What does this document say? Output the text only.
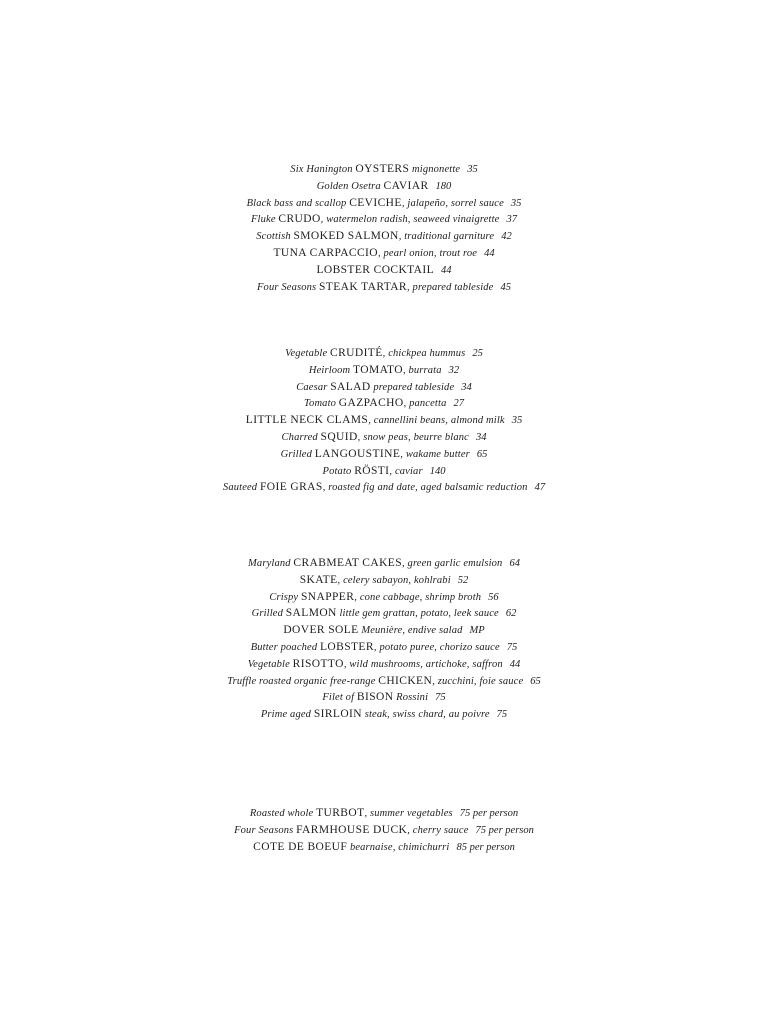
Six Hanington OYSTERS mignonette 35
Golden Osetra CAVIAR 180
Black bass and scallop CEVICHE, jalapeño, sorrel sauce 35
Fluke CRUDO, watermelon radish, seaweed vinaigrette 37
Scottish SMOKED SALMON, traditional garniture 42
TUNA CARPACCIO, pearl onion, trout roe 44
LOBSTER COCKTAIL 44
Four Seasons STEAK TARTAR, prepared tableside 45
Vegetable CRUDITÉ, chickpea hummus 25
Heirloom TOMATO, burrata 32
Caesar SALAD prepared tableside 34
Tomato GAZPACHO, pancetta 27
LITTLE NECK CLAMS, cannellini beans, almond milk 35
Charred SQUID, snow peas, beurre blanc 34
Grilled LANGOUSTINE, wakame butter 65
Potato RÖSTI, caviar 140
Sauteed FOIE GRAS, roasted fig and date, aged balsamic reduction 47
Maryland CRABMEAT CAKES, green garlic emulsion 64
SKATE, celery sabayon, kohlrabi 52
Crispy SNAPPER, cone cabbage, shrimp broth 56
Grilled SALMON little gem grattan, potato, leek sauce 62
DOVER SOLE Meunière, endive salad MP
Butter poached LOBSTER, potato puree, chorizo sauce 75
Vegetable RISOTTO, wild mushrooms, artichoke, saffron 44
Truffle roasted organic free-range CHICKEN, zucchini, foie sauce 65
Filet of BISON Rossini 75
Prime aged SIRLOIN steak, swiss chard, au poivre 75
Roasted whole TURBOT, summer vegetables 75 per person
Four Seasons FARMHOUSE DUCK, cherry sauce 75 per person
COTE DE BOEUF bearnaise, chimichurri 85 per person
